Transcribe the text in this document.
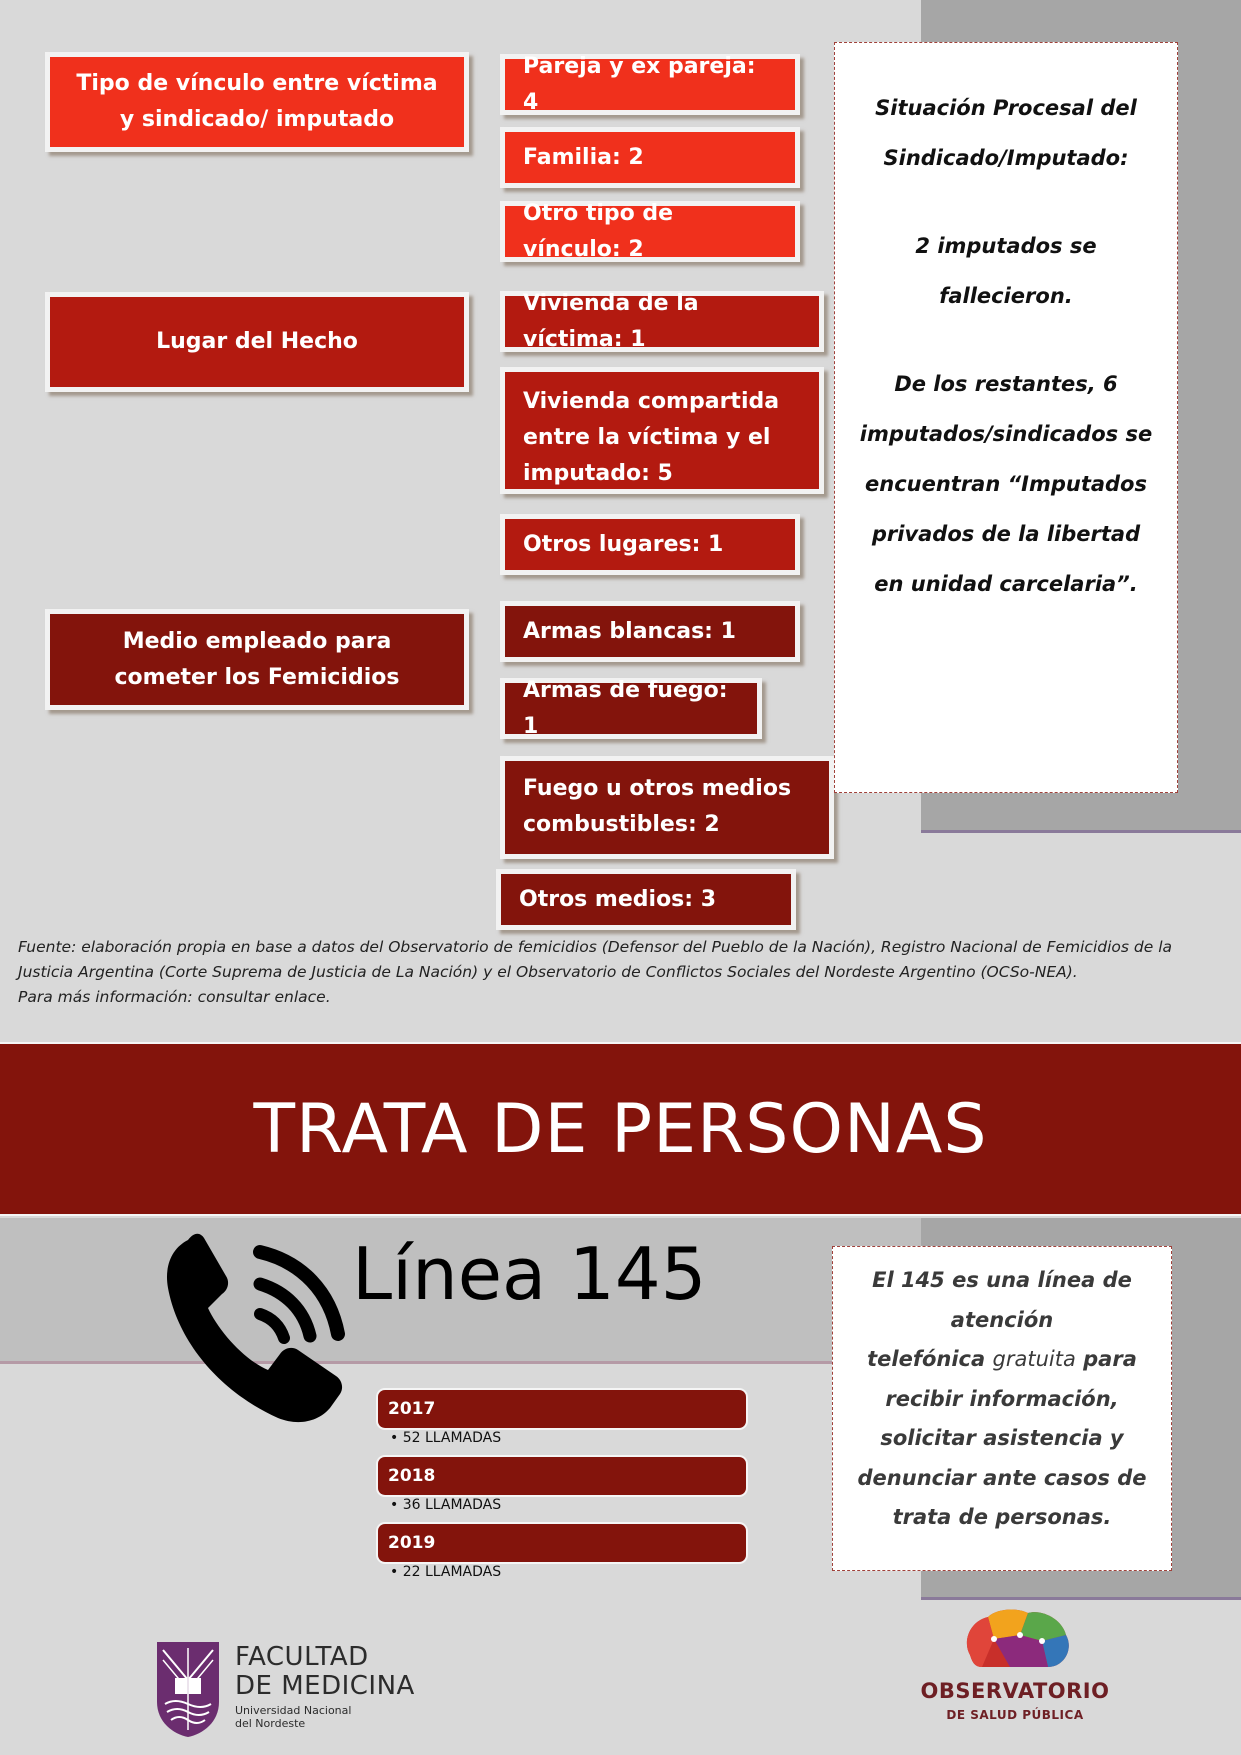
Tipo de vínculo entre víctima y sindicado/ imputado
Pareja y ex pareja: 4
Familia: 2
Otro tipo de vínculo: 2
Lugar del Hecho
Vivienda de la víctima: 1
Vivienda compartida entre la víctima y el imputado: 5
Otros lugares: 1
Medio empleado para cometer los Femicidios
Armas blancas: 1
Armas de fuego: 1
Fuego u otros medios combustibles: 2
Otros medios: 3

Situación Procesal del

Sindicado/Imputado:

2 imputados se

fallecieron.

De los restantes, 6

imputados/sindicados se

encuentran “Imputados

privados de la libertad

en unidad carcelaria”.

Fuente: elaboración propia en base a datos del Observatorio de femicidios (Defensor del Pueblo de la Nación), Registro Nacional de Femicidios de la
Justicia Argentina (Corte Suprema de Justicia de La Nación) y el Observatorio de Conflictos Sociales del Nordeste Argentino (OCSo-NEA).
Para más información: consultar enlace.
TRATA DE PERSONAS
Línea 145
2017
• 52 LLAMADAS
2018
• 36 LLAMADAS
2019
• 22 LLAMADAS
El 145 es una línea de
atención
telefónica gratuita para
recibir información,
solicitar asistencia y
denunciar ante casos de
trata de personas.
FACULTAD
DE MEDICINA
Universidad Nacional
del Nordeste
OBSERVATORIO
DE SALUD PÚBLICA
